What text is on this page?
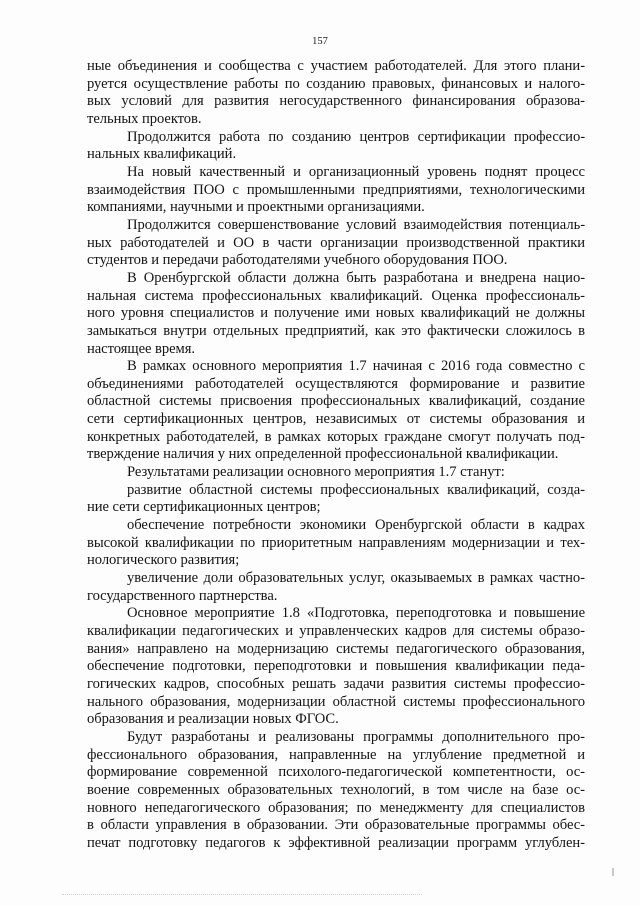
157
ные объединения и сообщества с участием работодателей. Для этого плани-
руется осуществление работы по созданию правовых, финансовых и налого-
вых условий для развития негосударственного финансирования образова-
тельных проектов.
Продолжится работа по созданию центров сертификации профессио-
нальных квалификаций.
На новый качественный и организационный уровень поднят процесс
взаимодействия ПОО с промышленными предприятиями, технологическими
компаниями, научными и проектными организациями.
Продолжится совершенствование условий взаимодействия потенциаль-
ных работодателей и ОО в части организации производственной практики
студентов и передачи работодателями учебного оборудования ПОО.
В Оренбургской области должна быть разработана и внедрена нацио-
нальная система профессиональных квалификаций. Оценка профессиональ-
ного уровня специалистов и получение ими новых квалификаций не должны
замыкаться внутри отдельных предприятий, как это фактически сложилось в
настоящее время.
В рамках основного мероприятия 1.7 начиная с 2016 года совместно с
объединениями работодателей осуществляются формирование и развитие
областной системы присвоения профессиональных квалификаций, создание
сети сертификационных центров, независимых от системы образования и
конкретных работодателей, в рамках которых граждане смогут получать под-
тверждение наличия у них определенной профессиональной квалификации.
Результатами реализации основного мероприятия 1.7 станут:
развитие областной системы профессиональных квалификаций, созда-
ние сети сертификационных центров;
обеспечение потребности экономики Оренбургской области в кадрах
высокой квалификации по приоритетным направлениям модернизации и тех-
нологического развития;
увеличение доли образовательных услуг, оказываемых в рамках частно-
государственного партнерства.
Основное мероприятие 1.8 «Подготовка, переподготовка и повышение
квалификации педагогических и управленческих кадров для системы образо-
вания» направлено на модернизацию системы педагогического образования,
обеспечение подготовки, переподготовки и повышения квалификации педа-
гогических кадров, способных решать задачи развития системы профессио-
нального образования, модернизации областной системы профессионального
образования и реализации новых ФГОС.
Будут разработаны и реализованы программы дополнительного про-
фессионального образования, направленные на углубление предметной и
формирование современной психолого-педагогической компетентности, ос-
воение современных образовательных технологий, в том числе на базе ос-
новного непедагогического образования; по менеджменту для специалистов
в области управления в образовании. Эти образовательные программы обес-
печат подготовку педагогов к эффективной реализации программ углублен-
